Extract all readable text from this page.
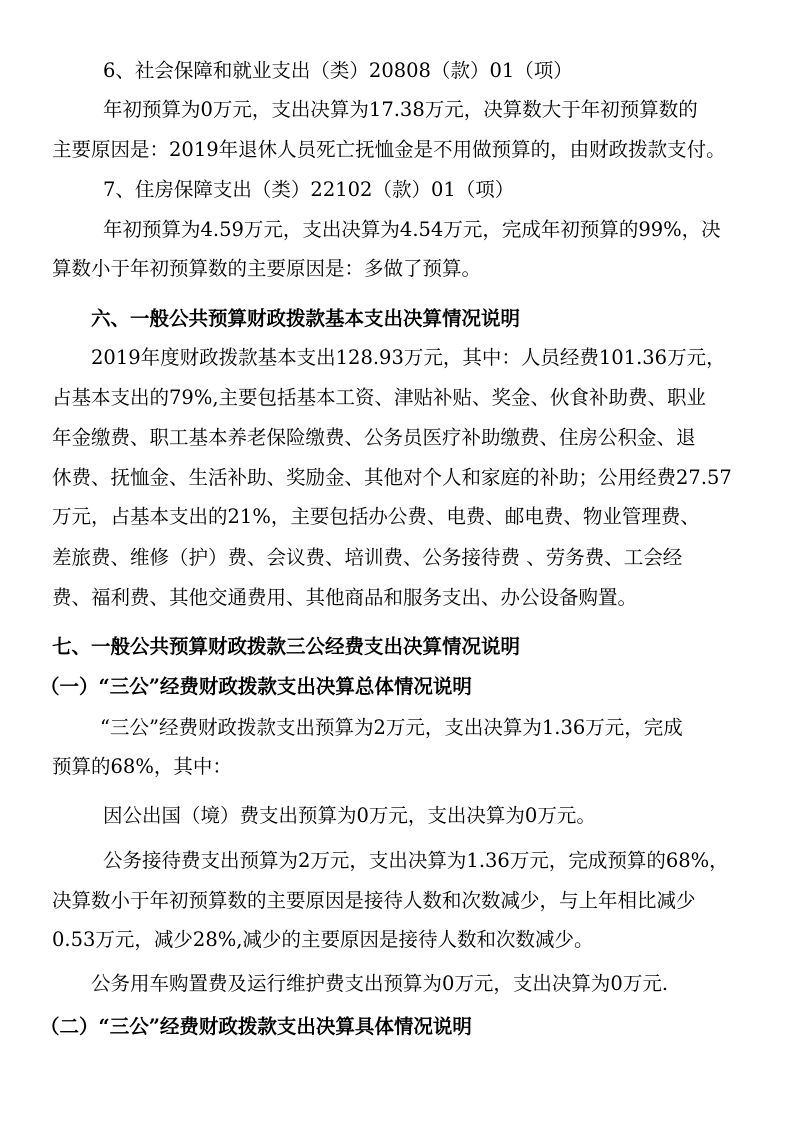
6、社会保障和就业支出（类）20808（款）01（项）

年初预算为0万元，支出决算为17.38万元，决算数大于年初预算数的

主要原因是：2019年退休人员死亡抚恤金是不用做预算的，由财政拨款支付。

7、住房保障支出（类）22102（款）01（项）

年初预算为4.59万元，支出决算为4.54万元，完成年初预算的99%，决

算数小于年初预算数的主要原因是：多做了预算。

六、一般公共预算财政拨款基本支出决算情况说明

2019年度财政拨款基本支出128.93万元，其中：人员经费101.36万元，

占基本支出的79%,主要包括基本工资、津贴补贴、奖金、伙食补助费、职业

年金缴费、职工基本养老保险缴费、公务员医疗补助缴费、住房公积金、退

休费、抚恤金、生活补助、奖励金、其他对个人和家庭的补助；公用经费27.57

万元，占基本支出的21%，主要包括办公费、电费、邮电费、物业管理费、

差旅费、维修（护）费、会议费、培训费、公务接待费 、劳务费、工会经

费、福利费、其他交通费用、其他商品和服务支出、办公设备购置。

七、一般公共预算财政拨款三公经费支出决算情况说明

（一）“三公”经费财政拨款支出决算总体情况说明

“三公”经费财政拨款支出预算为2万元，支出决算为1.36万元，完成

预算的68%，其中：

因公出国（境）费支出预算为0万元，支出决算为0万元。

公务接待费支出预算为2万元，支出决算为1.36万元，完成预算的68%，

决算数小于年初预算数的主要原因是接待人数和次数减少，与上年相比减少

0.53万元，减少28%,减少的主要原因是接待人数和次数减少。

公务用车购置费及运行维护费支出预算为0万元，支出决算为0万元.

（二）“三公”经费财政拨款支出决算具体情况说明
